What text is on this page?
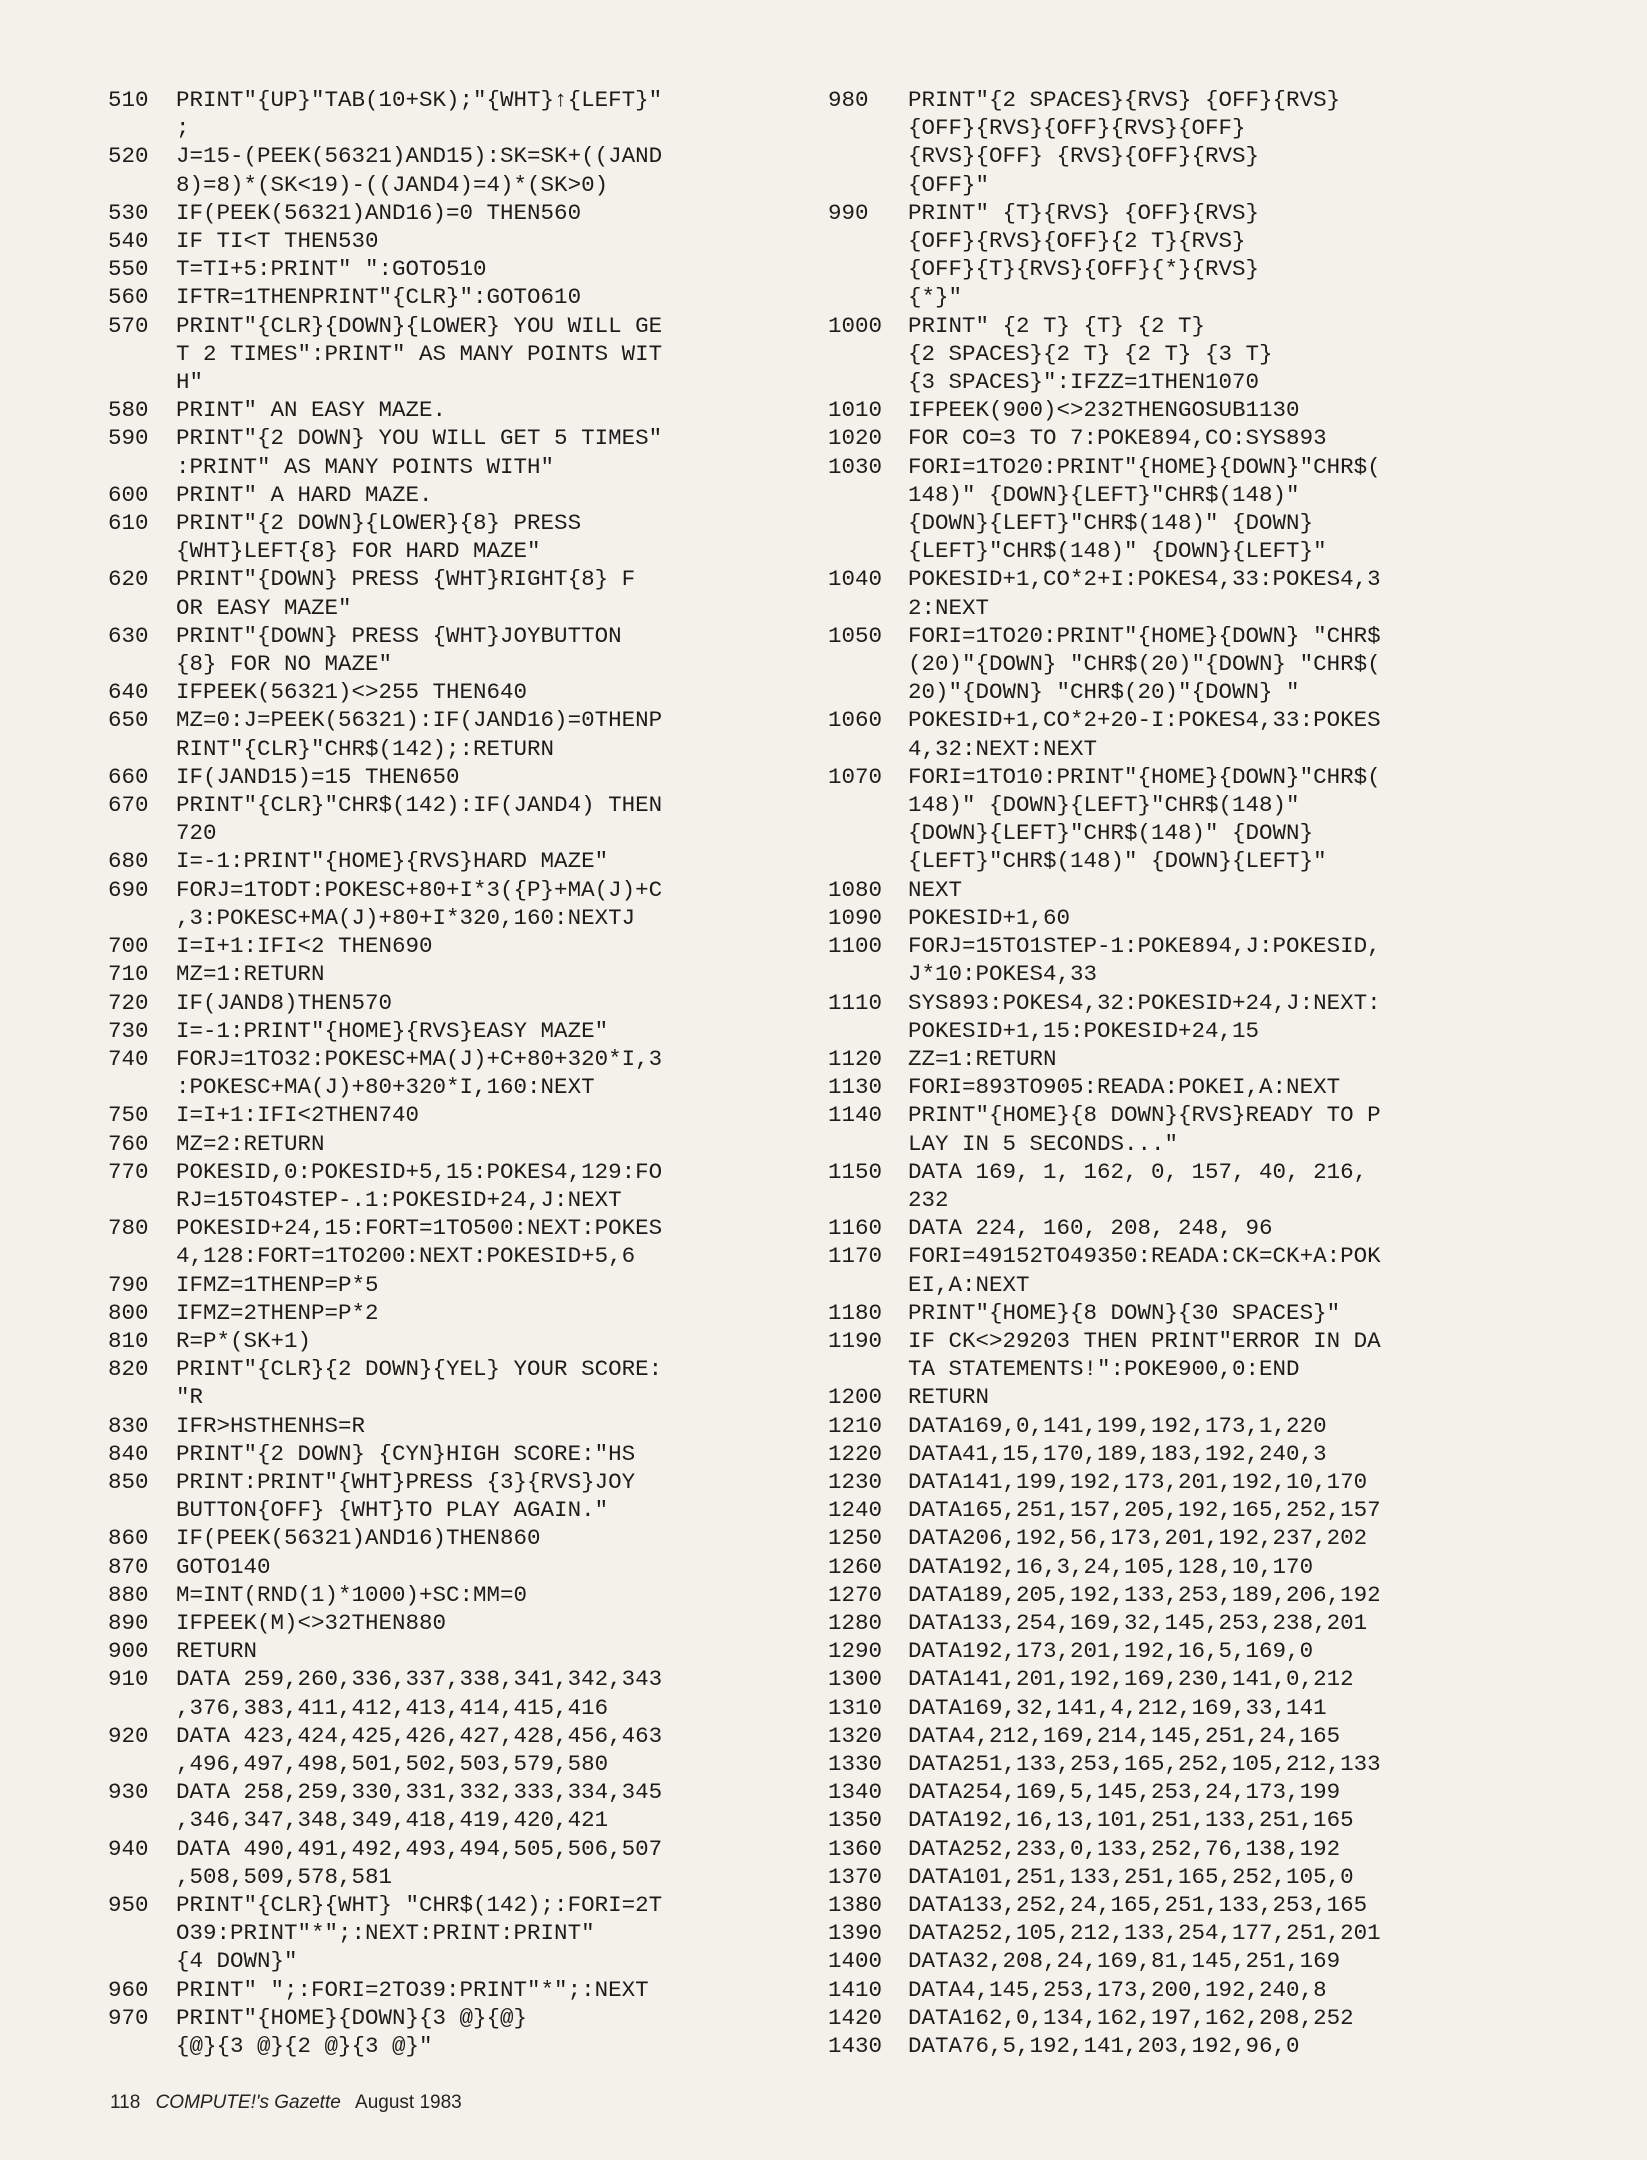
510	PRINT"{UP}"TAB(10+SK);"{WHT}↑{LEFT}"
;
520	J=15-(PEEK(56321)AND15):SK=SK+((JAND
8)=8)*(SK<19)-((JAND4)=4)*(SK>0)
530	IF(PEEK(56321)AND16)=0 THEN560
540	IF TI<T THEN530
550	T=TI+5:PRINT" ":GOTO510
560	IFTR=1THENPRINT"{CLR}":GOTO610
570	PRINT"{CLR}{DOWN}{LOWER} YOU WILL GE
T 2 TIMES":PRINT" AS MANY POINTS WIT
H"
580	PRINT" AN EASY MAZE.
590	PRINT"{2 DOWN} YOU WILL GET 5 TIMES"
:PRINT" AS MANY POINTS WITH"
600	PRINT" A HARD MAZE.
610	PRINT"{2 DOWN}{LOWER}{8} PRESS
{WHT}LEFT{8} FOR HARD MAZE"
620	PRINT"{DOWN} PRESS {WHT}RIGHT{8} F
OR EASY MAZE"
630	PRINT"{DOWN} PRESS {WHT}JOYBUTTON
{8} FOR NO MAZE"
640	IFPEEK(56321)<>255 THEN640
650	MZ=0:J=PEEK(56321):IF(JAND16)=0THENP
RINT"{CLR}"CHR$(142);:RETURN
660	IF(JAND15)=15 THEN650
670	PRINT"{CLR}"CHR$(142):IF(JAND4) THEN
720
680	I=-1:PRINT"{HOME}{RVS}HARD MAZE"
690	FORJ=1TODT:POKESC+80+I*3({P}+MA(J)+C
,3:POKESC+MA(J)+80+I*320,160:NEXTJ
700	I=I+1:IFI<2 THEN690
710	MZ=1:RETURN
720	IF(JAND8)THEN570
730	I=-1:PRINT"{HOME}{RVS}EASY MAZE"
740	FORJ=1TO32:POKESC+MA(J)+C+80+320*I,3
:POKESC+MA(J)+80+320*I,160:NEXT
750	I=I+1:IFI<2THEN740
760	MZ=2:RETURN
770	POKESID,0:POKESID+5,15:POKES4,129:FO
RJ=15TO4STEP-.1:POKESID+24,J:NEXT
780	POKESID+24,15:FORT=1TO500:NEXT:POKES
4,128:FORT=1TO200:NEXT:POKESID+5,6
790	IFMZ=1THENP=P*5
800	IFMZ=2THENP=P*2
810	R=P*(SK+1)
820	PRINT"{CLR}{2 DOWN}{YEL} YOUR SCORE:
"R
830	IFR>HSTHENHS=R
840	PRINT"{2 DOWN} {CYN}HIGH SCORE:"HS
850	PRINT:PRINT"{WHT}PRESS {3}{RVS}JOY
BUTTON{OFF} {WHT}TO PLAY AGAIN."
860	IF(PEEK(56321)AND16)THEN860
870	GOTO140
880	M=INT(RND(1)*1000)+SC:MM=0
890	IFPEEK(M)<>32THEN880
900	RETURN
910	DATA 259,260,336,337,338,341,342,343
,376,383,411,412,413,414,415,416
920	DATA 423,424,425,426,427,428,456,463
,496,497,498,501,502,503,579,580
930	DATA 258,259,330,331,332,333,334,345
,346,347,348,349,418,419,420,421
940	DATA 490,491,492,493,494,505,506,507
,508,509,578,581
950	PRINT"{CLR}{WHT} "CHR$(142);:FORI=2T
O39:PRINT"*";:NEXT:PRINT:PRINT"
{4 DOWN}"
960	PRINT" ";:FORI=2TO39:PRINT"*";:NEXT
970	PRINT"{HOME}{DOWN}{3 @}{@}
{@}{3 @}{2 @}{3 @}"
980	PRINT"{2 SPACES}{RVS} {OFF}{RVS}
{OFF}{RVS}{OFF}{RVS}{OFF}
{RVS}{OFF} {RVS}{OFF}{RVS}
{OFF}"
990	PRINT" {T}{RVS} {OFF}{RVS}
{OFF}{RVS}{OFF}{2 T}{RVS}
{OFF}{T}{RVS}{OFF}{*}{RVS}
{*}"
1000	PRINT" {2 T} {T} {2 T}
{2 SPACES}{2 T} {2 T} {3 T}
{3 SPACES}":IFZZ=1THEN1070
1010	IFPEEK(900)<>232THENGOSUB1130
1020	FOR CO=3 TO 7:POKE894,CO:SYS893
1030	FORI=1TO20:PRINT"{HOME}{DOWN}"CHR$(
148)" {DOWN}{LEFT}"CHR$(148)"
{DOWN}{LEFT}"CHR$(148)" {DOWN}
{LEFT}"CHR$(148)" {DOWN}{LEFT}"
1040	POKESID+1,CO*2+I:POKES4,33:POKES4,3
2:NEXT
1050	FORI=1TO20:PRINT"{HOME}{DOWN} "CHR$
(20)"{DOWN} "CHR$(20)"{DOWN} "CHR$(
20)"{DOWN} "CHR$(20)"{DOWN} "
1060	POKESID+1,CO*2+20-I:POKES4,33:POKES
4,32:NEXT:NEXT
1070	FORI=1TO10:PRINT"{HOME}{DOWN}"CHR$(
148)" {DOWN}{LEFT}"CHR$(148)"
{DOWN}{LEFT}"CHR$(148)" {DOWN}
{LEFT}"CHR$(148)" {DOWN}{LEFT}"
1080	NEXT
1090	POKESID+1,60
1100	FORJ=15TO1STEP-1:POKE894,J:POKESID,
J*10:POKES4,33
1110	SYS893:POKES4,32:POKESID+24,J:NEXT:
POKESID+1,15:POKESID+24,15
1120	ZZ=1:RETURN
1130	FORI=893TO905:READA:POKEI,A:NEXT
1140	PRINT"{HOME}{8 DOWN}{RVS}READY TO P
LAY IN 5 SECONDS..."
1150	DATA 169, 1, 162, 0, 157, 40, 216,
232
1160	DATA 224, 160, 208, 248, 96
1170	FORI=49152TO49350:READA:CK=CK+A:POK
EI,A:NEXT
1180	PRINT"{HOME}{8 DOWN}{30 SPACES}"
1190	IF CK<>29203 THEN PRINT"ERROR IN DA
TA STATEMENTS!":POKE900,0:END
1200	RETURN
1210	DATA169,0,141,199,192,173,1,220
1220	DATA41,15,170,189,183,192,240,3
1230	DATA141,199,192,173,201,192,10,170
1240	DATA165,251,157,205,192,165,252,157
1250	DATA206,192,56,173,201,192,237,202
1260	DATA192,16,3,24,105,128,10,170
1270	DATA189,205,192,133,253,189,206,192
1280	DATA133,254,169,32,145,253,238,201
1290	DATA192,173,201,192,16,5,169,0
1300	DATA141,201,192,169,230,141,0,212
1310	DATA169,32,141,4,212,169,33,141
1320	DATA4,212,169,214,145,251,24,165
1330	DATA251,133,253,165,252,105,212,133
1340	DATA254,169,5,145,253,24,173,199
1350	DATA192,16,13,101,251,133,251,165
1360	DATA252,233,0,133,252,76,138,192
1370	DATA101,251,133,251,165,252,105,0
1380	DATA133,252,24,165,251,133,253,165
1390	DATA252,105,212,133,254,177,251,201
1400	DATA32,208,24,169,81,145,251,169
1410	DATA4,145,253,173,200,192,240,8
1420	DATA162,0,134,162,197,162,208,252
1430	DATA76,5,192,141,203,192,96,0
118 COMPUTE!'s Gazette August 1983
